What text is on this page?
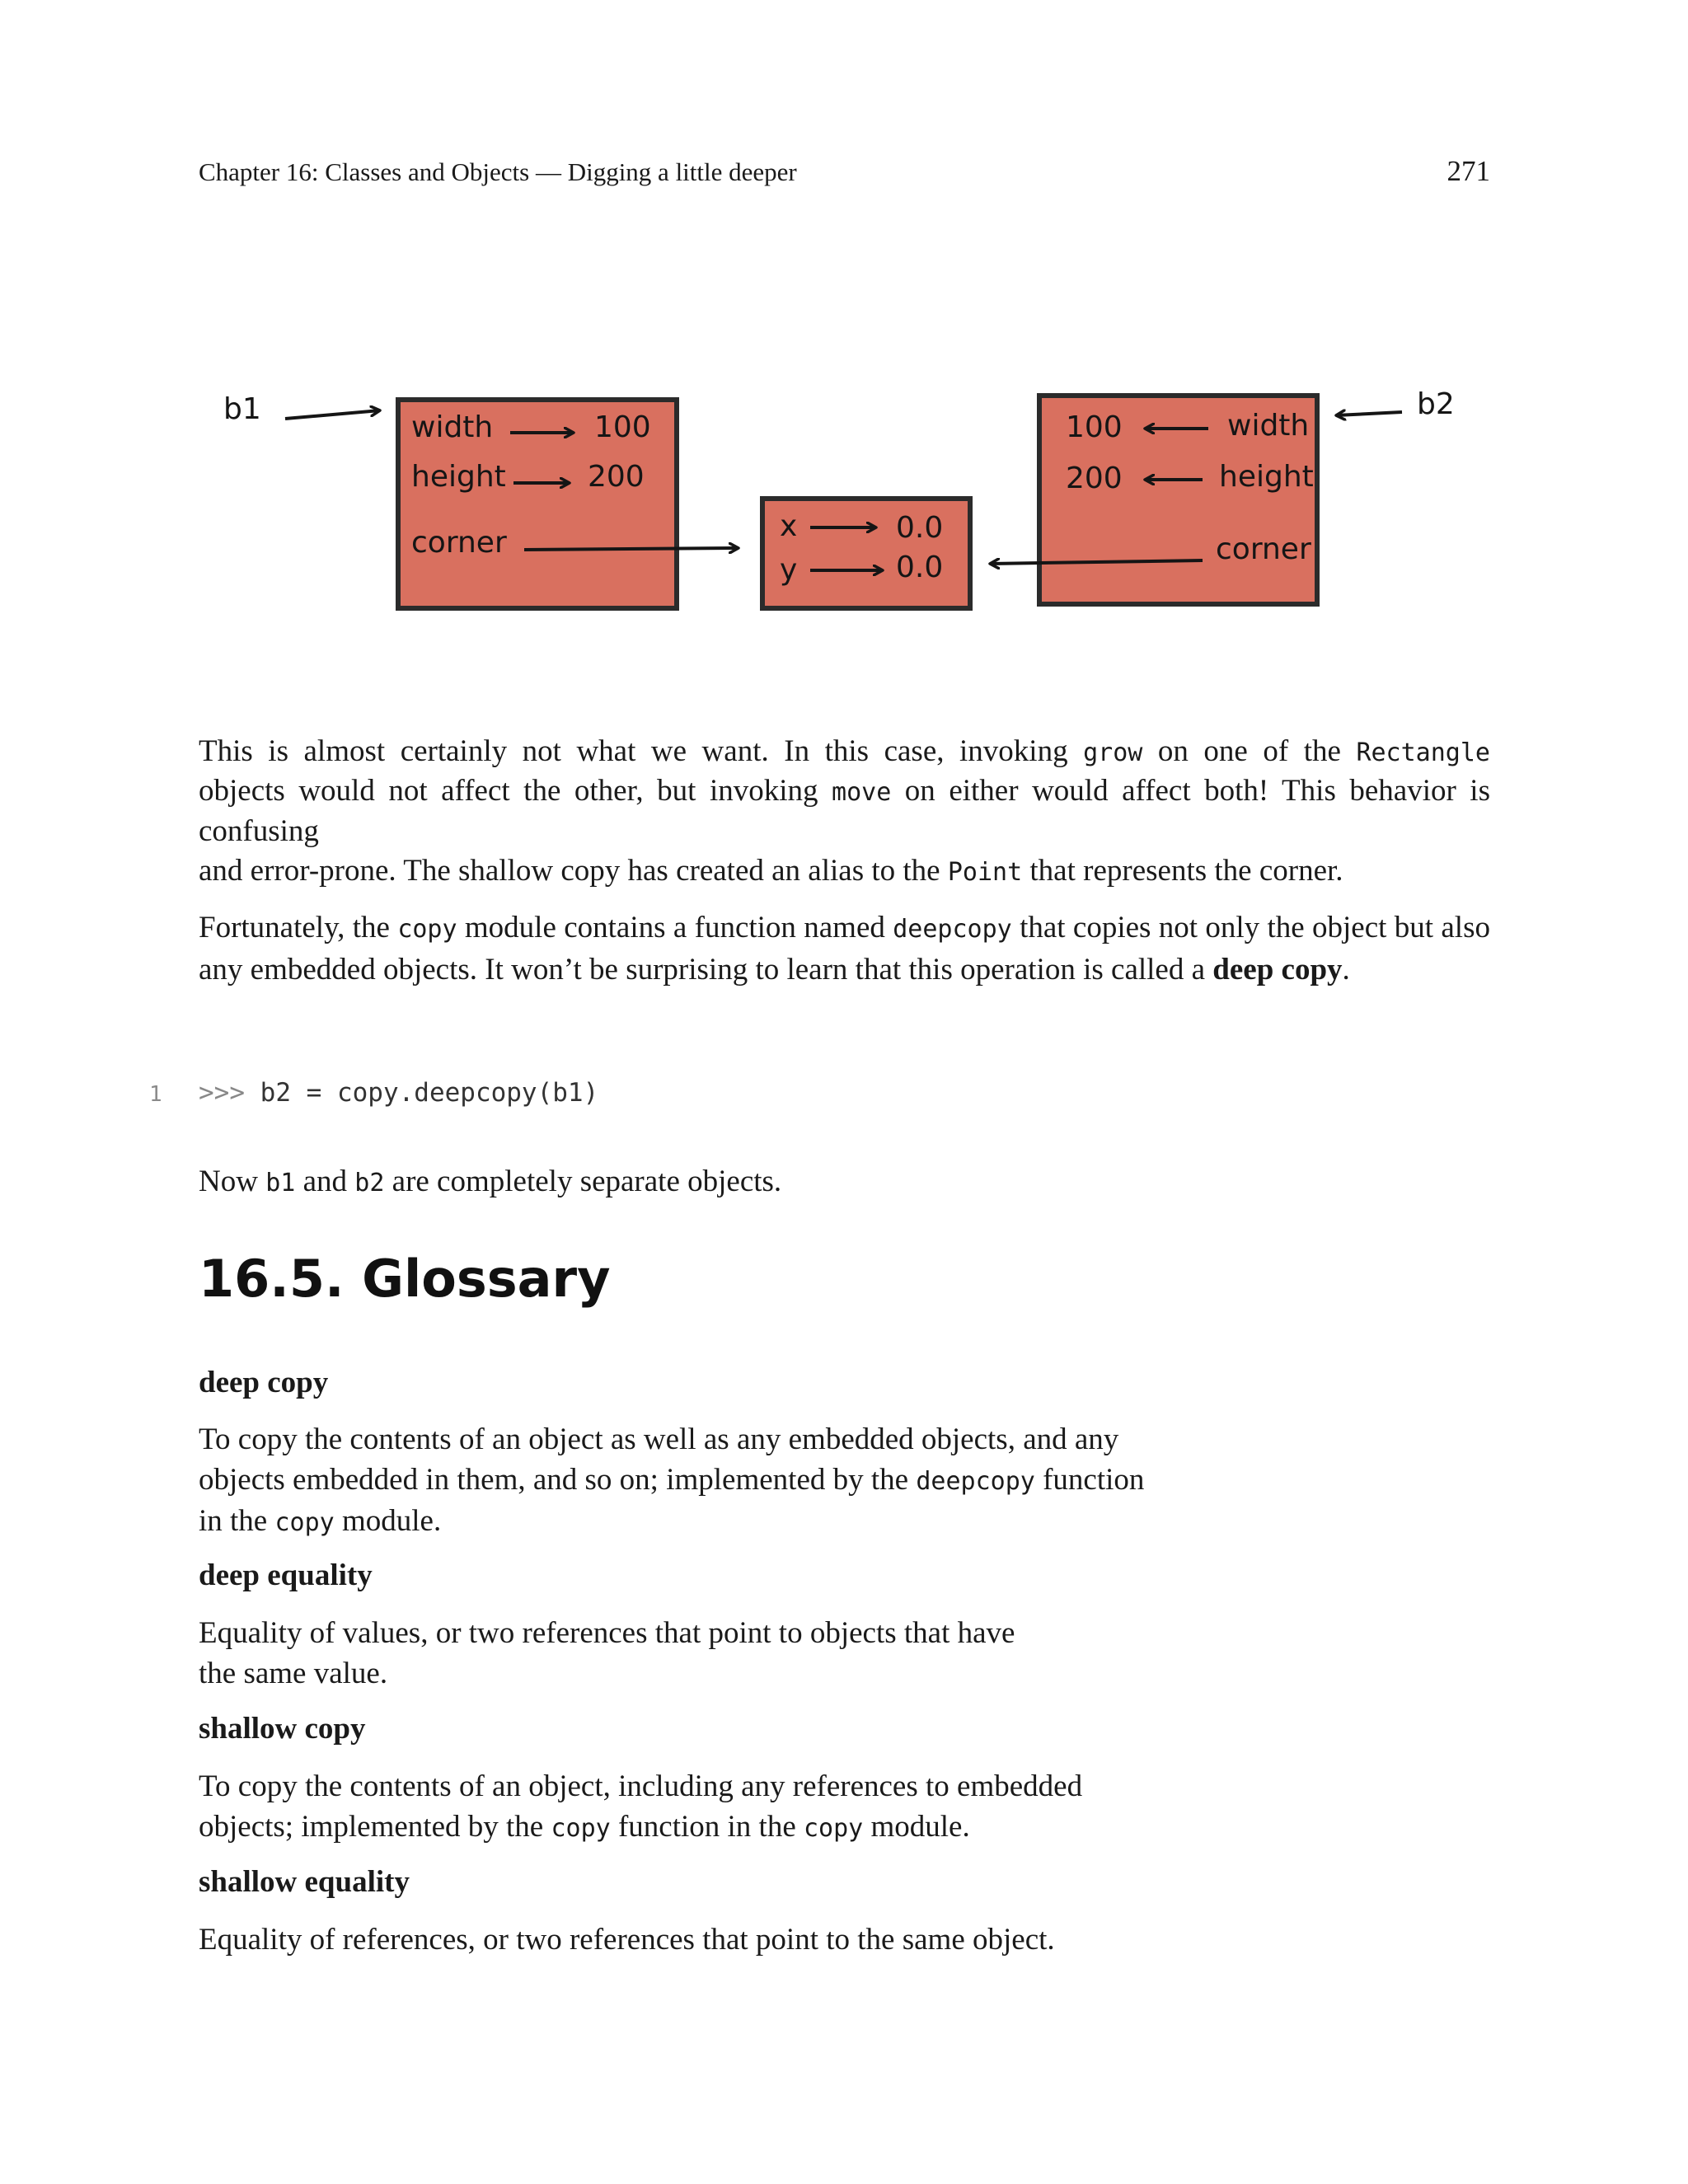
Chapter 16: Classes and Objects — Digging a little deeper	271
b1	b2
width	100
height	200
corner	x	0.0
y	0.0
100	width
200	height
corner
This is almost certainly not what we want. In this case, invoking grow on one of the Rectangle
objects would not affect the other, but invoking move on either would affect both! This behavior is
confusing
and error-prone. The shallow copy has created an alias to the Point that represents the corner.

Fortunately, the copy module contains a function named deepcopy that copies not only the object but also any embedded objects. It won’t be surprising to learn that this operation is called a deep copy.

1 >>> b2 = copy.deepcopy(b1)

Now b1 and b2 are completely separate objects.

16.5. Glossary

deep copy

To copy the contents of an object as well as any embedded objects, and any objects embedded in them, and so on; implemented by the deepcopy function in the copy module.

deep equality

Equality of values, or two references that point to objects that have
the same value.

shallow copy

To copy the contents of an object, including any references to embedded objects; implemented by the copy function in the copy module.

shallow equality

Equality of references, or two references that point to the same object.
